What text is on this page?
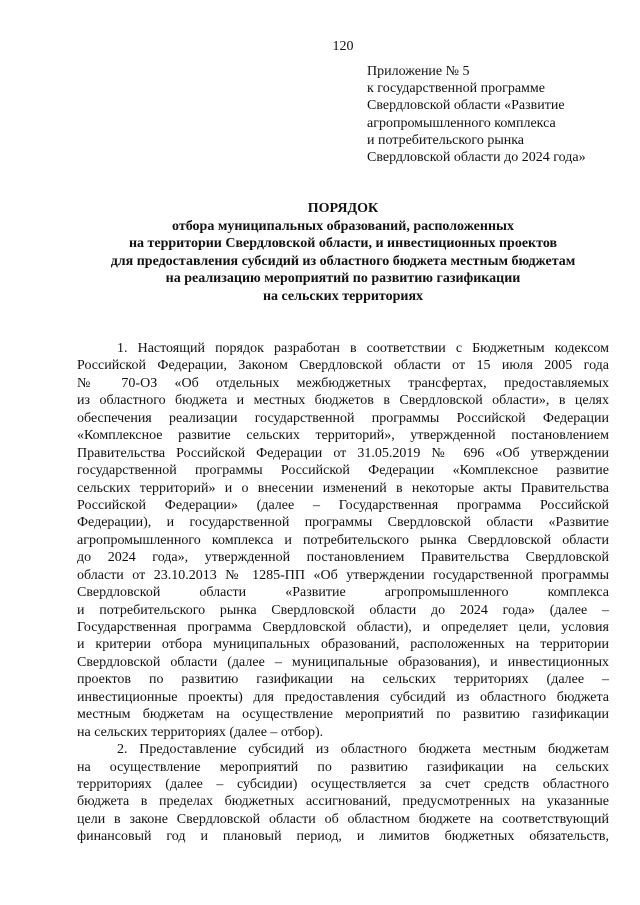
120
Приложение № 5
к государственной программе
Свердловской области «Развитие
агропромышленного комплекса
и потребительского рынка
Свердловской области до 2024 года»
ПОРЯДОК
отбора муниципальных образований, расположенных
на территории Свердловской области, и инвестиционных проектов
для предоставления субсидий из областного бюджета местным бюджетам
на реализацию мероприятий по развитию газификации
на сельских территориях
1. Настоящий порядок разработан в соответствии с Бюджетным кодексом
Российской Федерации, Законом Свердловской области от 15 июля 2005 года
№ 70-ОЗ «Об отдельных межбюджетных трансфертах, предоставляемых
из областного бюджета и местных бюджетов в Свердловской области», в целях
обеспечения реализации государственной программы Российской Федерации
«Комплексное развитие сельских территорий», утвержденной постановлением
Правительства Российской Федерации от 31.05.2019 № 696 «Об утверждении
государственной программы Российской Федерации «Комплексное развитие
сельских территорий» и о внесении изменений в некоторые акты Правительства
Российской Федерации» (далее – Государственная программа Российской
Федерации), и государственной программы Свердловской области «Развитие
агропромышленного комплекса и потребительского рынка Свердловской области
до 2024 года», утвержденной постановлением Правительства Свердловской
области от 23.10.2013 № 1285-ПП «Об утверждении государственной программы
Свердловской области «Развитие агропромышленного комплекса
и потребительского рынка Свердловской области до 2024 года» (далее –
Государственная программа Свердловской области), и определяет цели, условия
и критерии отбора муниципальных образований, расположенных на территории
Свердловской области (далее – муниципальные образования), и инвестиционных
проектов по развитию газификации на сельских территориях (далее –
инвестиционные проекты) для предоставления субсидий из областного бюджета
местным бюджетам на осуществление мероприятий по развитию газификации
на сельских территориях (далее – отбор).
2. Предоставление субсидий из областного бюджета местным бюджетам
на осуществление мероприятий по развитию газификации на сельских
территориях (далее – субсидии) осуществляется за счет средств областного
бюджета в пределах бюджетных ассигнований, предусмотренных на указанные
цели в законе Свердловской области об областном бюджете на соответствующий
финансовый год и плановый период, и лимитов бюджетных обязательств,
